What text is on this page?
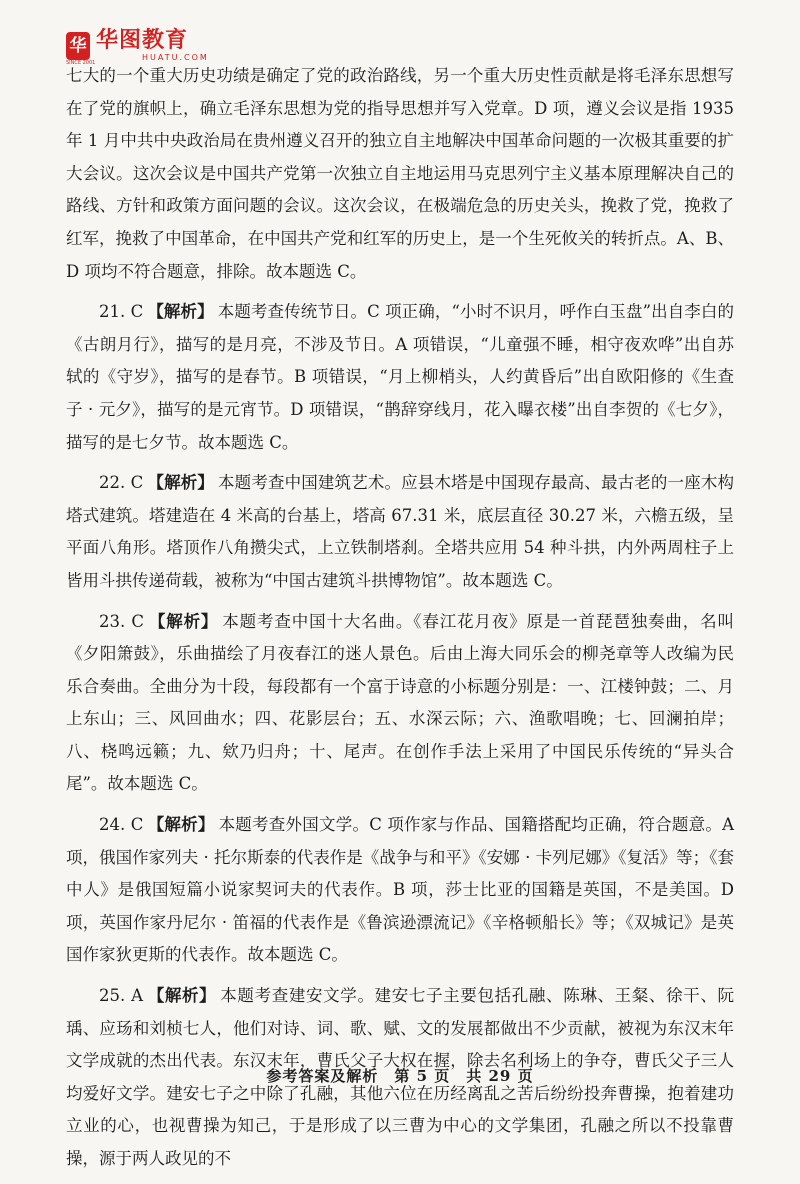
华 华图教育
HUATU.COM
SINCE 2001

七大的一个重大历史功绩是确定了党的政治路线，另一个重大历史性贡献是将毛泽东思想写在了党的旗帜上，确立毛泽东思想为党的指导思想并写入党章。D 项，遵义会议是指 1935 年 1 月中共中央政治局在贵州遵义召开的独立自主地解决中国革命问题的一次极其重要的扩大会议。这次会议是中国共产党第一次独立自主地运用马克思列宁主义基本原理解决自己的路线、方针和政策方面问题的会议。这次会议，在极端危急的历史关头，挽救了党，挽救了红军，挽救了中国革命，在中国共产党和红军的历史上，是一个生死攸关的转折点。A、B、D 项均不符合题意，排除。故本题选 C。

21. C 【解析】 本题考查传统节日。C 项正确，“小时不识月，呼作白玉盘”出自李白的《古朗月行》，描写的是月亮，不涉及节日。A 项错误，“儿童强不睡，相守夜欢哗”出自苏轼的《守岁》，描写的是春节。B 项错误，“月上柳梢头，人约黄昏后”出自欧阳修的《生查子 · 元夕》，描写的是元宵节。D 项错误，“鹊辞穿线月，花入曝衣楼”出自李贺的《七夕》，描写的是七夕节。故本题选 C。

22. C 【解析】 本题考查中国建筑艺术。应县木塔是中国现存最高、最古老的一座木构塔式建筑。塔建造在 4 米高的台基上，塔高 67.31 米，底层直径 30.27 米，六檐五级，呈平面八角形。塔顶作八角攒尖式，上立铁制塔刹。全塔共应用 54 种斗拱，内外两周柱子上皆用斗拱传递荷载，被称为“中国古建筑斗拱博物馆”。故本题选 C。

23. C 【解析】 本题考查中国十大名曲。《春江花月夜》原是一首琵琶独奏曲，名叫《夕阳箫鼓》，乐曲描绘了月夜春江的迷人景色。后由上海大同乐会的柳尧章等人改编为民乐合奏曲。全曲分为十段，每段都有一个富于诗意的小标题分别是：一、江楼钟鼓；二、月上东山；三、风回曲水；四、花影层台；五、水深云际；六、渔歌唱晚；七、回澜拍岸；八、桡鸣远籁；九、欸乃归舟；十、尾声。在创作手法上采用了中国民乐传统的“异头合尾”。故本题选 C。

24. C 【解析】 本题考查外国文学。C 项作家与作品、国籍搭配均正确，符合题意。A 项，俄国作家列夫 · 托尔斯泰的代表作是《战争与和平》《安娜 · 卡列尼娜》《复活》等；《套中人》是俄国短篇小说家契诃夫的代表作。B 项，莎士比亚的国籍是英国，不是美国。D 项，英国作家丹尼尔 · 笛福的代表作是《鲁滨逊漂流记》《辛格顿船长》等；《双城记》是英国作家狄更斯的代表作。故本题选 C。

25. A 【解析】 本题考查建安文学。建安七子主要包括孔融、陈琳、王粲、徐干、阮瑀、应玚和刘桢七人，他们对诗、词、歌、赋、文的发展都做出不少贡献，被视为东汉末年文学成就的杰出代表。东汉末年，曹氏父子大权在握，除去名利场上的争夺，曹氏父子三人均爱好文学。建安七子之中除了孔融，其他六位在历经离乱之苦后纷纷投奔曹操，抱着建功立业的心，也视曹操为知己，于是形成了以三曹为中心的文学集团，孔融之所以不投靠曹操，源于两人政见的不

参考答案及解析　第 5 页　共 29 页
